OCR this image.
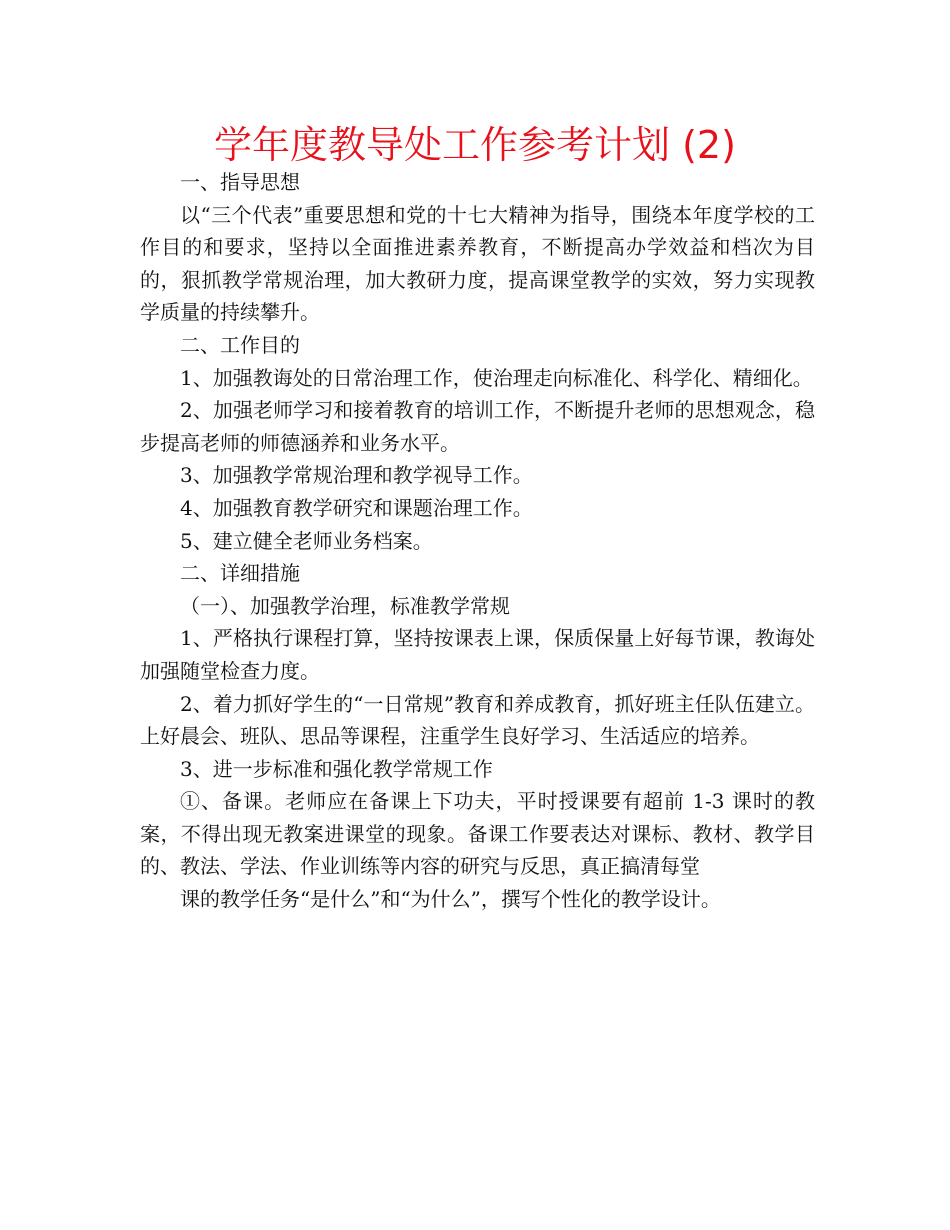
学年度教导处工作参考计划 (2)

一、指导思想

以“三个代表”重要思想和党的十七大精神为指导，围绕本年度学校的工作目的和要求，坚持以全面推进素养教育，不断提高办学效益和档次为目的，狠抓教学常规治理，加大教研力度，提高课堂教学的实效，努力实现教学质量的持续攀升。

二、工作目的

1、加强教诲处的日常治理工作，使治理走向标准化、科学化、精细化。

2、加强老师学习和接着教育的培训工作，不断提升老师的思想观念，稳步提高老师的师德涵养和业务水平。

3、加强教学常规治理和教学视导工作。

4、加强教育教学研究和课题治理工作。

5、建立健全老师业务档案。

二、详细措施

（一）、加强教学治理，标准教学常规

1、严格执行课程打算，坚持按课表上课，保质保量上好每节课，教诲处加强随堂检查力度。

2、着力抓好学生的“一日常规”教育和养成教育，抓好班主任队伍建立。上好晨会、班队、思品等课程，注重学生良好学习、生活适应的培养。

3、进一步标准和强化教学常规工作

①、备课。老师应在备课上下功夫，平时授课要有超前 1-3 课时的教案，不得出现无教案进课堂的现象。备课工作要表达对课标、教材、教学目的、教法、学法、作业训练等内容的研究与反思，真正搞清每堂

课的教学任务“是什么”和“为什么”，撰写个性化的教学设计。
